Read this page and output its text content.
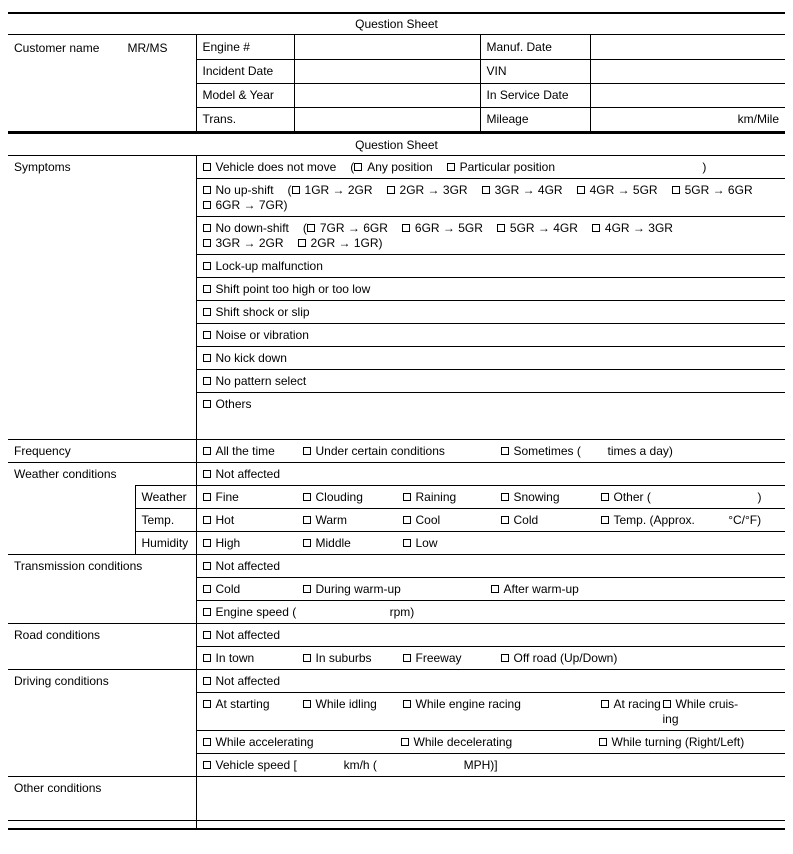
Question Sheet
Customer name MR/MS	Engine #		Manuf. Date	
	Incident Date		VIN	
	Model & Year		In Service Date	
	Trans.		Mileage	km/Mile
Question Sheet
Symptoms		Vehicle does not move ( Any position Particular position                                        )
		No up-shift ( 1GR → 2GR 2GR → 3GR 3GR → 4GR 4GR → 5GR 5GR → 6GR6GR → 7GR)
		No down-shift ( 7GR → 6GR 6GR → 5GR 5GR → 4GR 4GR → 3GR3GR → 2GR 2GR → 1GR)
		Lock-up malfunction
		Shift point too high or too low
		Shift shock or slip
		Noise or vibration
		No kick down
		No pattern select
		Others
Frequency		All the time Under certain conditions Sometimes (        times a day)
Weather conditions		Not affected
	Weather	Fine Clouding Raining Snowing Other (                                )
	Temp.	Hot Warm Cool Cold Temp. (Approx.          °C/°F)
	Humidity	High Middle Low
Transmission conditions		Not affected
		Cold During warm-up After warm-up
		Engine speed (                            rpm)
Road conditions		Not affected
		In town In suburbs Freeway Off road (Up/Down)
Driving conditions		Not affected
		At starting While idling While engine racing At racing While cruis-ing
		While accelerating While decelerating While turning (Right/Left)
		Vehicle speed [              km/h (                          MPH)]
Other conditions		
